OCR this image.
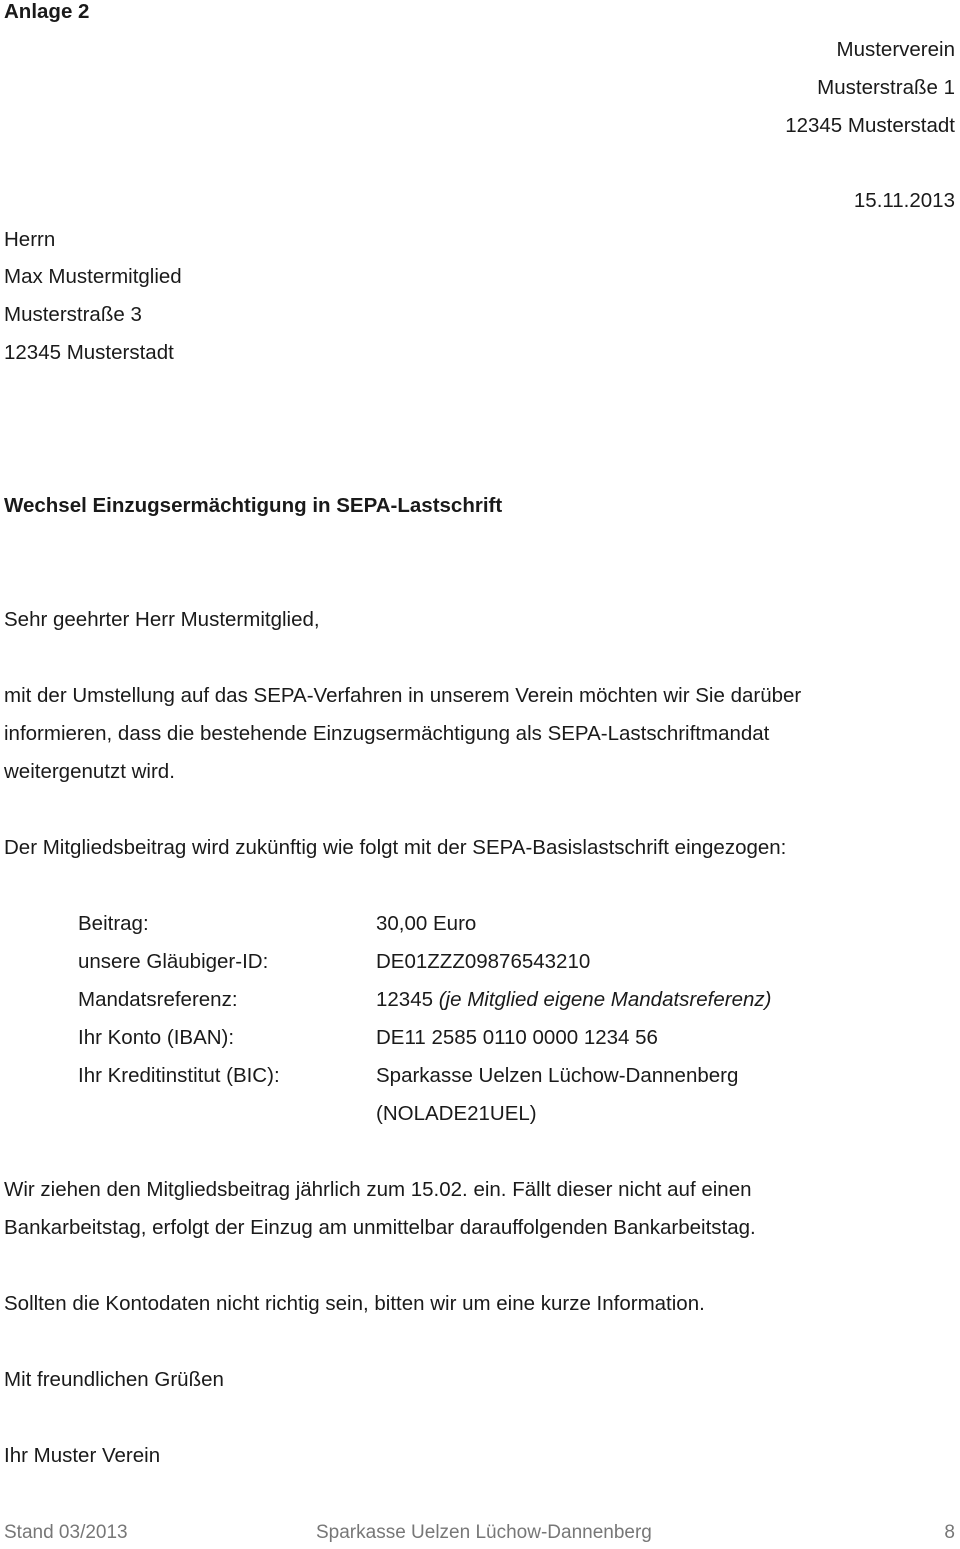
Anlage 2
Musterverein
Musterstraße 1
12345 Musterstadt
15.11.2013
Herrn
Max Mustermitglied
Musterstraße 3
12345 Musterstadt
Wechsel Einzugsermächtigung in SEPA-Lastschrift
Sehr geehrter Herr Mustermitglied,
mit der Umstellung auf das SEPA-Verfahren in unserem Verein möchten wir Sie darüber
informieren, dass die bestehende Einzugsermächtigung als SEPA-Lastschriftmandat
weitergenutzt wird.
Der Mitgliedsbeitrag wird zukünftig wie folgt mit der SEPA-Basislastschrift eingezogen:
Beitrag:	30,00 Euro
unsere Gläubiger-ID:	DE01ZZZ09876543210
Mandatsreferenz:	12345 (je Mitglied eigene Mandatsreferenz)
Ihr Konto (IBAN):	DE11 2585 0110 0000 1234 56
Ihr Kreditinstitut (BIC):	Sparkasse Uelzen Lüchow-Dannenberg
(NOLADE21UEL)
Wir ziehen den Mitgliedsbeitrag jährlich zum 15.02. ein. Fällt dieser nicht auf einen
Bankarbeitstag, erfolgt der Einzug am unmittelbar darauffolgenden Bankarbeitstag.
Sollten die Kontodaten nicht richtig sein, bitten wir um eine kurze Information.
Mit freundlichen Grüßen
Ihr Muster Verein
Stand 03/2013	Sparkasse Uelzen Lüchow-Dannenberg	8
